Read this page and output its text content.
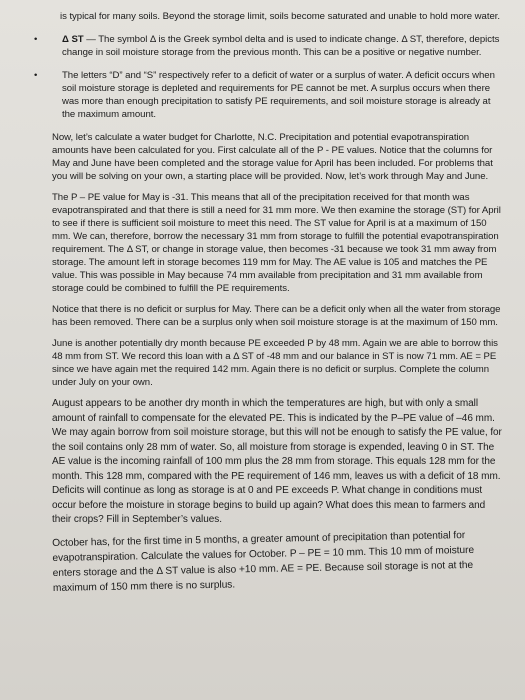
is typical for many soils. Beyond the storage limit, soils become saturated and unable to hold more water.

•	Δ ST — The symbol Δ is the Greek symbol delta and is used to indicate change. Δ ST, therefore, depicts change in soil moisture storage from the previous month. This can be a positive or negative number.
•	The letters “D” and “S” respectively refer to a deficit of water or a surplus of water. A deficit occurs when soil moisture storage is depleted and requirements for PE cannot be met. A surplus occurs when there was more than enough precipitation to satisfy PE requirements, and soil moisture storage is already at the maximum amount.

Now, let’s calculate a water budget for Charlotte, N.C. Precipitation and potential evapotranspiration amounts have been calculated for you. First calculate all of the P - PE values. Notice that the columns for May and June have been completed and the storage value for April has been included. For problems that you will be solving on your own, a starting place will be provided. Now, let’s work through May and June.

The P – PE value for May is -31. This means that all of the precipitation received for that month was evapotranspirated and that there is still a need for 31 mm more. We then examine the storage (ST) for April to see if there is sufficient soil moisture to meet this need. The ST value for April is at a maximum of 150 mm. We can, therefore, borrow the necessary 31 mm from storage to fulfill the potential evapotranspiration requirement. The Δ ST, or change in storage value, then becomes -31 because we took 31 mm away from storage. The amount left in storage becomes 119 mm for May. The AE value is 105 and matches the PE value. This was possible in May because 74 mm available from precipitation and 31 mm available from storage could be combined to fulfill the PE requirements.

Notice that there is no deficit or surplus for May. There can be a deficit only when all the water from storage has been removed. There can be a surplus only when soil moisture storage is at the maximum of 150 mm.

June is another potentially dry month because PE exceeded P by 48 mm. Again we are able to borrow this 48 mm from ST. We record this loan with a Δ ST of -48 mm and our balance in ST is now 71 mm. AE = PE since we have again met the required 142 mm. Again there is no deficit or surplus. Complete the column under July on your own.

August appears to be another dry month in which the temperatures are high, but with only a small amount of rainfall to compensate for the elevated PE. This is indicated by the P–PE value of –46 mm. We may again borrow from soil moisture storage, but this will not be enough to satisfy the PE value, for the soil contains only 28 mm of water. So, all moisture from storage is expended, leaving 0 in ST. The AE value is the incoming rainfall of 100 mm plus the 28 mm from storage. This equals 128 mm for the month. This 128 mm, compared with the PE requirement of 146 mm, leaves us with a deficit of 18 mm. Deficits will continue as long as storage is at 0 and PE exceeds P. What change in conditions must occur before the moisture in storage begins to build up again? What does this mean to farmers and their crops? Fill in September’s values.

October has, for the first time in 5 months, a greater amount of precipitation than potential for evapotranspiration. Calculate the values for October. P – PE = 10 mm. This 10 mm of moisture enters storage and the Δ ST value is also +10 mm. AE = PE. Because soil storage is not at the maximum of 150 mm there is no surplus.
